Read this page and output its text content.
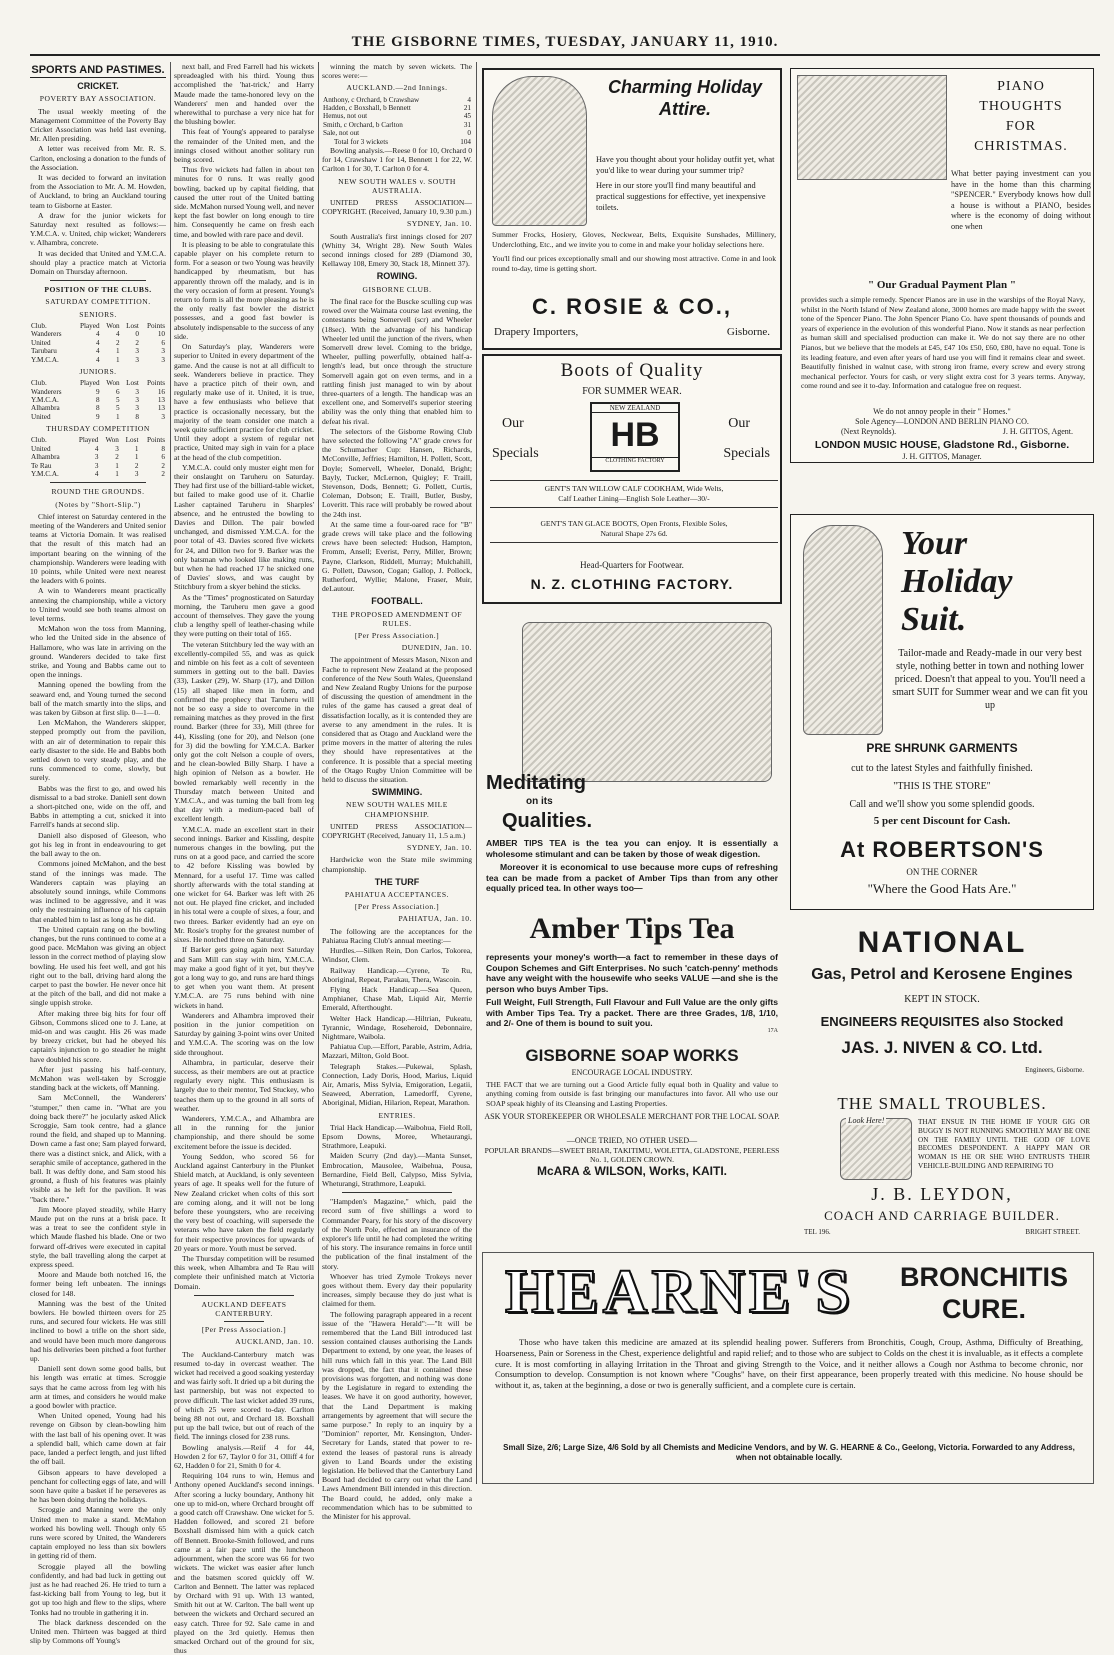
THE GISBORNE TIMES, TUESDAY, JANUARY 11, 1910.
SPORTS AND PASTIMES.
CRICKET.
POVERTY BAY ASSOCIATION.

The usual weekly meeting of the Management Committee of the Poverty Bay Cricket Association was held last evening, Mr. Allen presiding.

A letter was received from Mr. R. S. Carlton, enclosing a donation to the funds of the Association.

It was decided to forward an invitation from the Association to Mr. A. M. Howden, of Auckland, to bring an Auckland touring team to Gisborne at Easter.

A draw for the junior wickets for Saturday next resulted as follows:—Y.M.C.A. v. United, chip wicket; Wanderers v. Alhambra, concrete.

It was decided that United and Y.M.C.A. should play a practice match at Victoria Domain on Thursday afternoon.

POSITION OF THE CLUBS.
SATURDAY COMPETITION.
SENIORS.
Club.	Played	Won	Lost	Points
Wanderers	4	4	0	10
United	4	2	2	6
Tarubaru	4	1	3	3
Y.M.C.A.	4	1	3	3
JUNIORS.
Club.	Played	Won	Lost	Points
Wanderers	9	6	3	16
Y.M.C.A.	8	5	3	13
Alhambra	8	5	3	13
United	9	1	8	3
THURSDAY COMPETITION
Club.	Played	Won	Lost	Points
United	4	3	1	8
Alhambra	3	2	1	6
Te Rau	3	1	2	2
Y.M.C.A.	4	1	3	2
ROUND THE GROUNDS.
(Notes by "Short-Slip.")

Chief interest on Saturday centered in the meeting of the Wanderers and United senior teams at Victoria Domain. It was realised that the result of this match had an important bearing on the winning of the championship. Wanderers were leading with 10 points, while United were next nearest the leaders with 6 points.

A win to Wanderers meant practically annexing the championship, while a victory to United would see both teams almost on level terms.

McMahon won the toss from Manning, who led the United side in the absence of Hallamore, who was late in arriving on the ground. Wanderers decided to take first strike, and Young and Babbs came out to open the innings.

Manning opened the bowling from the seaward end, and Young turned the second ball of the match smartly into the slips, and was taken by Gibson at first slip. 0—1—0.

Len McMahon, the Wanderers skipper, stepped promptly out from the pavilion, with an air of determination to repair this early disaster to the side. He and Babbs both settled down to very steady play, and the runs commenced to come, slowly, but surely.

Babbs was the first to go, and owed his dismissal to a bad stroke. Daniell sent down a short-pitched one, wide on the off, and Babbs in attempting a cut, snicked it into Farrell's hands at second slip.

Daniell also disposed of Gleeson, who got his leg in front in endeavouring to get the ball away to the on.

Commons joined McMahon, and the best stand of the innings was made. The Wanderers captain was playing an absolutely sound innings, while Commons was inclined to be aggressive, and it was only the restraining influence of his captain that enabled him to last as long as he did.

The United captain rang on the bowling changes, but the runs continued to come at a good pace. McMahon was giving an object lesson in the correct method of playing slow bowling. He used his feet well, and got his right out to the ball, driving hard along the carpet to past the bowler. He never once hit at the pitch of the ball, and did not make a single uppish stroke.

After making three big hits for four off Gibson, Commons sliced one to J. Lane, at mid-on and was caught. His 26 was made by breezy cricket, but had he obeyed his captain's injunction to go steadier he might have doubled his score.

After just passing his half-century, McMahon was well-taken by Scroggie standing back at the wickets, off Manning.

Sam McConnell, the Wanderers' "stumper," then came in. "What are you doing back there?" he jocularly asked Alick Scroggie, Sam took centre, had a glance round the field, and shaped up to Manning. Down came a fast one; Sam played forward, there was a distinct snick, and Alick, with a seraphic smile of acceptance, gathered in the ball. It was deftly done, and Sam stood his ground, a flush of his features was plainly visible as he left for the pavilion. It was "back there."

Jim Moore played steadily, while Harry Maude put on the runs at a brisk pace. It was a treat to see the confident style in which Maude flashed his blade. One or two forward off-drives were executed in capital style, the ball travelling along the carpet at express speed.

Moore and Maude both notched 16, the former being left unbeaten. The innings closed for 148.

Manning was the best of the United bowlers. He bowled thirteen overs for 25 runs, and secured four wickets. He was still inclined to bowl a trifle on the short side, and would have been much more dangerous had his deliveries been pitched a foot further up.

Daniell sent down some good balls, but his length was erratic at times. Scroggie says that he came across from leg with his arm at times, and considers he would make a good bowler with practice.

When United opened, Young had his revenge on Gibson by clean-bowling him with the last ball of his opening over. It was a splendid ball, which came down at fair pace, landed a perfect length, and just lifted the off bail.

Gibson appears to have developed a penchant for collecting eggs of late, and will soon have quite a basket if he perseveres as he has been doing during the holidays.

Scroggie and Manning were the only United men to make a stand. McMahon worked his bowling well. Though only 65 runs were scored by United, the Wanderers captain employed no less than six bowlers in getting rid of them.

Scroggie played all the bowling confidently, and had bad luck in getting out just as he had reached 26. He tried to turn a fast-kicking ball from Young to leg, but it got up too high and flew to the slips, where Tonks had no trouble in gathering it in.

The black darkness descended on the United men. Thirteen was bagged at third slip by Commons off Young's

next ball, and Fred Farrell had his wickets spreadeagled with his third. Young thus accomplished the 'hat-trick,' and Harry Maude made the tame-honored levy on the Wanderers' men and handed over the wherewithal to purchase a very nice hat for the blushing bowler.

This feat of Young's appeared to paralyse the remainder of the United men, and the innings closed without another solitary run being scored.

Thus five wickets had fallen in about ten minutes for 0 runs. It was really good bowling, backed up by capital fielding, that caused the utter rout of the United batting side. McMahon nursed Young well, and never kept the fast bowler on long enough to tire him. Consequently he came on fresh each time, and bowled with rare pace and devil.

It is pleasing to be able to congratulate this capable player on his complete return to form. For a season or two Young was heavily handicapped by rheumatism, but has apparently thrown off the malady, and is in the very occasion of form at present. Young's return to form is all the more pleasing as he is the only really fast bowler the district possesses, and a good fast bowler is absolutely indispensable to the success of any side.

On Saturday's play, Wanderers were superior to United in every department of the game. And the cause is not at all difficult to seek. Wanderers believe in practice. They have a practice pitch of their own, and regularly make use of it. United, it is true, have a few enthusiasts who believe that practice is occasionally necessary, but the majority of the team consider one match a week quite sufficient practice for club cricket. Until they adopt a system of regular net practice, United may sigh in vain for a place at the head of the club competition.

Y.M.C.A. could only muster eight men for their onslaught on Taruheru on Saturday. They had first use of the billiard-table wicket, but failed to make good use of it. Charlie Lasher captained Taruheru in Sharples' absence, and he entrusted the bowling to Davies and Dillon. The pair bowled unchanged, and dismissed Y.M.C.A. for the poor total of 43. Davies scored five wickets for 24, and Dillon two for 9. Barker was the only batsman who looked like making runs, but when he had reached 17 he snicked one of Davies' slows, and was caught by Stitchbury from a skyer behind the sticks.

As the "Times" prognosticated on Saturday morning, the Taruheru men gave a good account of themselves. They gave the young club a lengthy spell of leather-chasing while they were putting on their total of 165.

The veteran Stitchbury led the way with an excellently-compiled 55, and was as quick and nimble on his feet as a colt of seventeen summers in getting out to the ball. Davies (33), Lasker (29), W. Sharp (17), and Dillon (15) all shaped like men in form, and confirmed the prophecy that Taruheru will not be so easy a side to overcome in the remaining matches as they proved in the first round. Barker (three for 33), Mill (three for 44), Kissling (one for 20), and Nelson (one for 3) did the bowling for Y.M.C.A. Barker only got the colt Nelson a couple of overs, and he clean-bowled Billy Sharp. I have a high opinion of Nelson as a bowler. He bowled remarkably well recently in the Thursday match between United and Y.M.C.A., and was turning the ball from leg that day with a medium-paced ball of excellent length.

Y.M.C.A. made an excellent start in their second innings. Barker and Kissling, despite numerous changes in the bowling, put the runs on at a good pace, and carried the score to 42 before Kissling was bowled by Mennard, for a useful 17. Time was called shortly afterwards with the total standing at one wicket for 64. Barker was left with 26 not out. He played fine cricket, and included in his total were a couple of sixes, a four, and two threes. Barker evidently had an eye on Mr. Rosie's trophy for the greatest number of sixes. He notched three on Saturday.

If Barker gets going again next Saturday and Sam Mill can stay with him, Y.M.C.A. may make a good fight of it yet, but they've got a long way to go, and runs are hard things to get when you want them. At present Y.M.C.A. are 75 runs behind with nine wickets in hand.

Wanderers and Alhambra improved their position in the junior competition on Saturday by gaining 3-point wins over United and Y.M.C.A. The scoring was on the low side throughout.

Alhambra, in particular, deserve their success, as their members are out at practice regularly every night. This enthusiasm is largely due to their mentor, Ted Stuckey, who teaches them up to the ground in all sorts of weather.

Wanderers, Y.M.C.A., and Alhambra are all in the running for the junior championship, and there should be some excitement before the issue is decided.

Young Seddon, who scored 56 for Auckland against Canterbury in the Plunket Shield match, at Auckland, is only seventeen years of age. It speaks well for the future of New Zealand cricket when colts of this sort are coming along, and it will not be long before these youngsters, who are receiving the very best of coaching, will supersede the veterans who have taken the field regularly for their respective provinces for upwards of 20 years or more. Youth must be served.

The Thursday competition will be resumed this week, when Alhambra and Te Rau will complete their unfinished match at Victoria Domain.

AUCKLAND DEFEATS CANTERBURY.
[Per Press Association.]
AUCKLAND, Jan. 10.

The Auckland-Canterbury match was resumed to-day in overcast weather. The wicket had received a good soaking yesterday and was fairly soft. It dried up a bit during the last partnership, but was not expected to prove difficult. The last wicket added 39 runs, of which 25 were scored to-day. Carlton being 88 not out, and Orchard 18. Boxshall put up the ball twice, but out of reach of the field. The innings closed for 238 runs.

Bowling analysis.—Reiif 4 for 44, Howden 2 for 67, Taylor 0 for 31, Olliff 4 for 62, Hadden 0 for 21, Smith 0 for 4.

Requiring 104 runs to win, Hemus and Anthony opened Auckland's second innings. After scoring a lucky boundary, Anthony hit one up to mid-on, where Orchard brought off a good catch off Crawshaw. One wicket for 5. Hadden followed, and scored 21 before Boxshall dismissed him with a quick catch off Bennett. Brooke-Smith followed, and runs came at a fair pace until the luncheon adjournment, when the score was 66 for two wickets. The wicket was easier after lunch and the batsmen scored quickly off W. Carlton and Bennett. The latter was replaced by Orchard with 91 up. With 13 wanted, Smith hit out at W. Carlton. The ball went up between the wickets and Orchard secured an easy catch. Three for 92. Sale came in and played on the 3rd quietly. Hemus then smacked Orchard out of the ground for six, thus

winning the match by seven wickets. The scores were:—

AUCKLAND.—2nd Innings.
Anthony, c Orchard, b Crawshaw	4
Hadden, c Boxshall, b Bennett	21
Hemus, not out	45
Smith, c Orchard, b Carlton	31
Sale, not out	0
Total for 3 wickets	104

Bowling analysis.—Reese 0 for 10, Orchard 0 for 14, Crawshaw 1 for 14, Bennett 1 for 22, W. Carlton 1 for 30, T. Carlton 0 for 4.

NEW SOUTH WALES v. SOUTH AUSTRALIA.

UNITED PRESS ASSOCIATION—COPYRIGHT. (Received, January 10, 9.30 p.m.)

SYDNEY, Jan. 10.

South Australia's first innings closed for 207 (Whitty 34, Wright 28). New South Wales second innings closed for 289 (Diamond 30, Kellaway 108, Emery 30, Stack 18, Minnett 37).

ROWING.
GISBORNE CLUB.

The final race for the Buscke sculling cup was rowed over the Waimata course last evening, the contestants being Somervell (scr) and Wheeler (18sec). With the advantage of his handicap Wheeler led until the junction of the rivers, when Somervell drew level. Coming to the bridge, Wheeler, pulling powerfully, obtained half-a-length's lead, but once through the structure Somervell again got on even terms, and in a rattling finish just managed to win by about three-quarters of a length. The handicap was an excellent one, and Somervell's superior steering ability was the only thing that enabled him to defeat his rival.

The selectors of the Gisborne Rowing Club have selected the following "A" grade crews for the Schumacher Cup: Hansen, Richards, McConville, Jeffries; Hamilton, H. Pollett, Scott, Doyle; Somervell, Wheeler, Donald, Bright; Bayly, Tucker, McLernon, Quigley; F. Traill, Stevenson, Dods, Bennett; G. Pollett, Curtis, Coleman, Dobson; E. Traill, Butler, Busby, Loveritt. This race will probably be rowed about the 24th inst.

At the same time a four-oared race for "B" grade crews will take place and the following crews have been selected: Hudson, Hampton, Fromm, Ansell; Everist, Perry, Miller, Brown; Payne, Clarkson, Riddell, Murray; Mulchahill, G. Pollett, Dawson, Cogan; Gallop, J. Pollock, Rutherford, Wyllie; Malone, Fraser, Muir, deLautour.

FOOTBALL.
THE PROPOSED AMENDMENT OF RULES.
[Per Press Association.]
DUNEDIN, Jan. 10.

The appointment of Messrs Mason, Nixon and Fache to represent New Zealand at the proposed conference of the New South Wales, Queensland and New Zealand Rugby Unions for the purpose of discussing the question of amendment in the rules of the game has caused a great deal of dissatisfaction locally, as it is contended they are averse to any amendment in the rules. It is considered that as Otago and Auckland were the prime movers in the matter of altering the rules they should have representatives at the conference. It is possible that a special meeting of the Otago Rugby Union Committee will be held to discuss the situation.

SWIMMING.
NEW SOUTH WALES MILE CHAMPIONSHIP.

UNITED PRESS ASSOCIATION—COPYRIGHT (Received, January 11, 1.5 a.m.)

SYDNEY, Jan. 10.

Hardwicke won the State mile swimming championship.

THE TURF
PAHIATUA ACCEPTANCES.
[Per Press Association.]
PAHIATUA, Jan. 10.

The following are the acceptances for the Pahiatua Racing Club's annual meeting:—

Hurdles.—Silken Rein, Don Carlos, Tokorea, Windsor, Clem.

Railway Handicap.—Cyrene, Te Ru, Aboriginal, Repeat, Parakau, Thera, Wascoin.

Flying Hack Handicap.—Sea Queen, Amphianer, Chase Mab, Liquid Air, Merrie Emerald, Afterthought.

Welter Hack Handicap.—Hiltrian, Pukeatu, Tyrannic, Windage, Roseheroid, Debonnaire, Nightmare, Waibola.

Pahiatua Cup.—Effort, Parable, Astrim, Adria, Mazzari, Milton, Gold Boot.

Telegraph Stakes.—Pukewai, Splash, Connection, Lady Doris, Hood, Marius, Liquid Air, Amaris, Miss Sylvia, Emigoration, Legatii, Seaweed, Aberration, Lamedorff, Cyrene, Aboriginal, Midian, Hilarion, Repeat, Marathon.

ENTRIES.

Trial Hack Handicap.—Waibohua, Field Roll, Epsom Downs, Moree, Whetaurangi, Strathmore, Leapuki.

Maiden Scurry (2nd day).—Manta Sunset, Embrocation, Mausolee, Waibehua, Pousa, Bernardine, Field Bell, Calypso, Miss Sylvia, Wheturangi, Strathmore, Leapuki.

"Hampden's Magazine," which, paid the record sum of five shillings a word to Commander Peary, for his story of the discovery of the North Pole, effected an insurance of the explorer's life until he had completed the writing of his story. The insurance remains in force until the publication of the final instalment of the story.

Whoever has tried Zymole Trokeys never goes without them. Every day their popularity increases, simply because they do just what is claimed for them.

The following paragraph appeared in a recent issue of the "Hawera Herald":—"It will be remembered that the Land Bill introduced last session contained clauses authorising the Lands Department to extend, by one year, the leases of hill runs which fall in this year. The Land Bill was dropped, the fact that it contained these provisions was forgotten, and nothing was done by the Legislature in regard to extending the leases. We have it on good authority, however, that the Land Department is making arrangements by agreement that will secure the same purpose." In reply to an inquiry by a "Dominion" reporter, Mr. Kensington, Under-Secretary for Lands, stated that power to re-extend the leases of pastoral runs is already given to Land Boards under the existing legislation. He believed that the Canterbury Land Board had decided to carry out what the Land Laws Amendment Bill intended in this direction. The Board could, he added, only make a recommendation which has to be submitted to the Minister for his approval.

Charming Holiday
Attire.

Have you thought about your holiday outfit yet, what you'd like to wear during your summer trip?

Here in our store you'll find many beautiful and practical suggestions for effective, yet inexpensive toilets.

Summer Frocks, Hosiery, Gloves, Neckwear, Belts, Exquisite Sunshades, Millinery, Underclothing, Etc., and we invite you to come in and make your holiday selections here.

You'll find our prices exceptionally small and our showing most attractive. Come in and look round to-day, time is getting short.

C. ROSIE & CO.,
Drapery Importers,	Gisborne.
PIANO
THOUGHTS
FOR
CHRISTMAS.
What better paying investment can you have in the home than this charming "SPENCER." Everybody knows how dull a house is without a PIANO, besides where is the economy of doing without one when
" Our Gradual Payment Plan "
provides such a simple remedy. Spencer Pianos are in use in the warships of the Royal Navy, whilst in the North Island of New Zealand alone, 3000 homes are made happy with the sweet tone of the Spencer Piano. The John Spencer Piano Co. have spent thousands of pounds and years of experience in the evolution of this wonderful Piano. Now it stands as near perfection as human skill and specialised production can make it. We do not say there are no other Pianos, but we believe that the models at £45, £47 10s £50, £60, £80, have no equal. Tone is its leading feature, and even after years of hard use you will find it remains clear and sweet. Beautifully finished in walnut case, with strong iron frame, every screw and every strong mechanical perfector. Yours for cash, or very slight extra cost for 3 years terms. Anyway, come round and see it to-day. Information and catalogue free on request.
We do not annoy people in their " Homes."
Sole Agency—LONDON AND BERLIN PIANO CO.
(Next Reynolds).	J. H. GITTOS, Agent.
LONDON MUSIC HOUSE, Gladstone Rd., Gisborne.
J. H. GITTOS, Manager.
Boots of Quality
FOR SUMMER WEAR.
NEW ZEALAND
HB
CLOTHING FACTORY
Our
Specials
Our
Specials
GENT'S TAN WILLOW CALF COOKHAM, Wide Welts,
Calf Leather Lining—English Sole Leather—30/-
GENT'S TAN GLACE BOOTS, Open Fronts, Flexible Soles,
Natural Shape 27s 6d.
Head-Quarters for Footwear.
N. Z. CLOTHING FACTORY.
Your
Holiday
Suit.
Tailor-made and Ready-made in our very best style, nothing better in town and nothing lower priced. Doesn't that appeal to you. You'll need a smart SUIT for Summer wear and we can fit you up
PRE SHRUNK GARMENTS
cut to the latest Styles and faithfully finished.
"THIS IS THE STORE"
Call and we'll show you some splendid goods.
5 per cent Discount for Cash.
At ROBERTSON'S
ON THE CORNER
"Where the Good Hats Are."
Meditating
on its
Qualities.

AMBER TIPS TEA is the tea you can enjoy. It is essentially a wholesome stimulant and can be taken by those of weak digestion.

Moreover it is economical to use because more cups of refreshing tea can be made from a packet of Amber Tips than from any other equally priced tea. In other ways too—

Amber Tips Tea

represents your money's worth—a fact to remember in these days of Coupon Schemes and Gift Enterprises. No such 'catch-penny' methods have any weight with the housewife who seeks VALUE —and she is the person who buys Amber Tips.

Full Weight, Full Strength, Full Flavour and Full Value are the only gifts with Amber Tips Tea. Try a packet. There are three Grades, 1/8, 1/10, and 2/- One of them is bound to suit you.

17A
NATIONAL
Gas, Petrol and Kerosene Engines
KEPT IN STOCK.
ENGINEERS REQUISITES also Stocked
JAS. J. NIVEN & CO. Ltd.
Engineers, Gisborne.
GISBORNE SOAP WORKS
ENCOURAGE LOCAL INDUSTRY.
THE FACT that we are turning out a Good Article fully equal both in Quality and value to anything coming from outside is fast bringing our manufactures into favor. All who use our SOAP speak highly of its Cleansing and Lasting Properties.
ASK YOUR STOREKEEPER OR WHOLESALE MERCHANT FOR THE LOCAL SOAP.
—ONCE TRIED, NO OTHER USED—
POPULAR BRANDS—SWEET BRIAR, TAKITIMU, WOLETTA, GLADSTONE, PEERLESS No. 1, GOLDEN CROWN.
McARA & WILSON, Works, KAITI.
THE SMALL TROUBLES.
Look Here!	THAT ENSUE IN THE HOME IF YOUR GIG OR BUGGY IS NOT RUNNING SMOOTHLY MAY BE ONE ON THE FAMILY UNTIL THE GOD OF LOVE BECOMES DESPONDENT. A HAPPY MAN OR WOMAN IS HE OR SHE WHO ENTRUSTS THEIR VEHICLE-BUILDING AND REPAIRING TO
J. B. LEYDON,
COACH AND CARRIAGE BUILDER.
TEL 196.	BRIGHT STREET.
HEARNE'S	BRONCHITIS
CURE.
Those who have taken this medicine are amazed at its splendid healing power. Sufferers from Bronchitis, Cough, Croup, Asthma, Difficulty of Breathing, Hoarseness, Pain or Soreness in the Chest, experience delightful and rapid relief; and to those who are subject to Colds on the chest it is invaluable, as it effects a complete cure. It is most comforting in allaying Irritation in the Throat and giving Strength to the Voice, and it neither allows a Cough nor Asthma to become chronic, nor Consumption to develop. Consumption is not known where "Coughs" have, on their first appearance, been properly treated with this medicine. No house should be without it, as, taken at the beginning, a dose or two is generally sufficient, and a complete cure is certain.
Small Size, 2/6; Large Size, 4/6 Sold by all Chemists and Medicine Vendors, and by W. G. HEARNE & Co., Geelong, Victoria. Forwarded to any Address, when not obtainable locally.
